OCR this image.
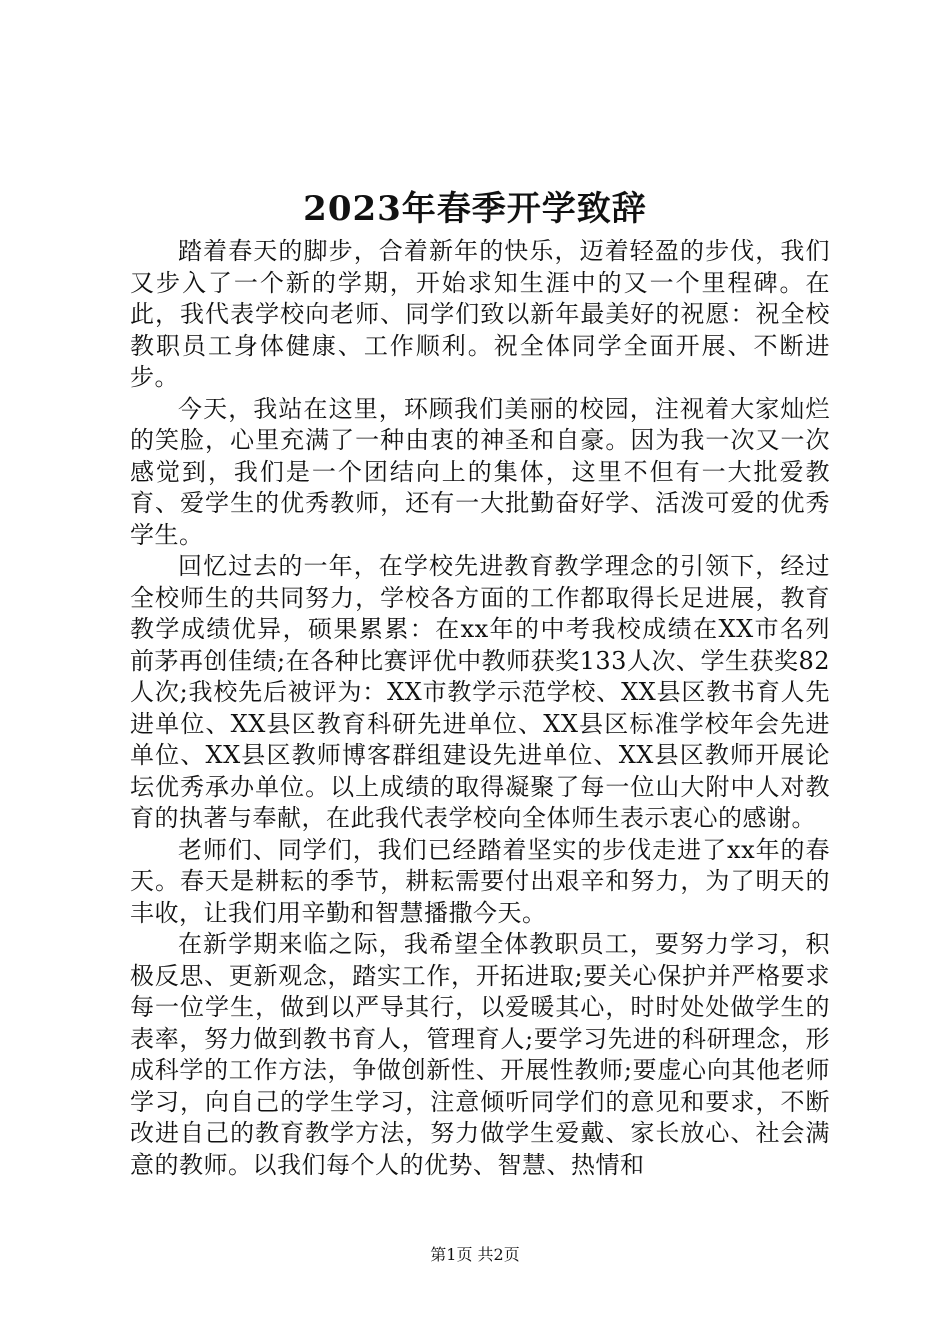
2023年春季开学致辞

踏着春天的脚步，合着新年的快乐，迈着轻盈的步伐，我们又步入了一个新的学期，开始求知生涯中的又一个里程碑。在此，我代表学校向老师、同学们致以新年最美好的祝愿：祝全校教职员工身体健康、工作顺利。祝全体同学全面开展、不断进步。

今天，我站在这里，环顾我们美丽的校园，注视着大家灿烂的笑脸，心里充满了一种由衷的神圣和自豪。因为我一次又一次感觉到，我们是一个团结向上的集体，这里不但有一大批爱教育、爱学生的优秀教师，还有一大批勤奋好学、活泼可爱的优秀学生。

回忆过去的一年，在学校先进教育教学理念的引领下，经过全校师生的共同努力，学校各方面的工作都取得长足进展，教育教学成绩优异，硕果累累：在xx年的中考我校成绩在XX市名列前茅再创佳绩;在各种比赛评优中教师获奖133人次、学生获奖82人次;我校先后被评为：XX市教学示范学校、XX县区教书育人先进单位、XX县区教育科研先进单位、XX县区标准学校年会先进单位、XX县区教师博客群组建设先进单位、XX县区教师开展论坛优秀承办单位。以上成绩的取得凝聚了每一位山大附中人对教育的执著与奉献，在此我代表学校向全体师生表示衷心的感谢。

老师们、同学们，我们已经踏着坚实的步伐走进了xx年的春天。春天是耕耘的季节，耕耘需要付出艰辛和努力，为了明天的丰收，让我们用辛勤和智慧播撒今天。

在新学期来临之际，我希望全体教职员工，要努力学习，积极反思、更新观念，踏实工作，开拓进取;要关心保护并严格要求每一位学生，做到以严导其行，以爱暖其心，时时处处做学生的表率，努力做到教书育人，管理育人;要学习先进的科研理念，形成科学的工作方法，争做创新性、开展性教师;要虚心向其他老师学习，向自己的学生学习，注意倾听同学们的意见和要求，不断改进自己的教育教学方法，努力做学生爱戴、家长放心、社会满意的教师。以我们每个人的优势、智慧、热情和

第1页 共2页
